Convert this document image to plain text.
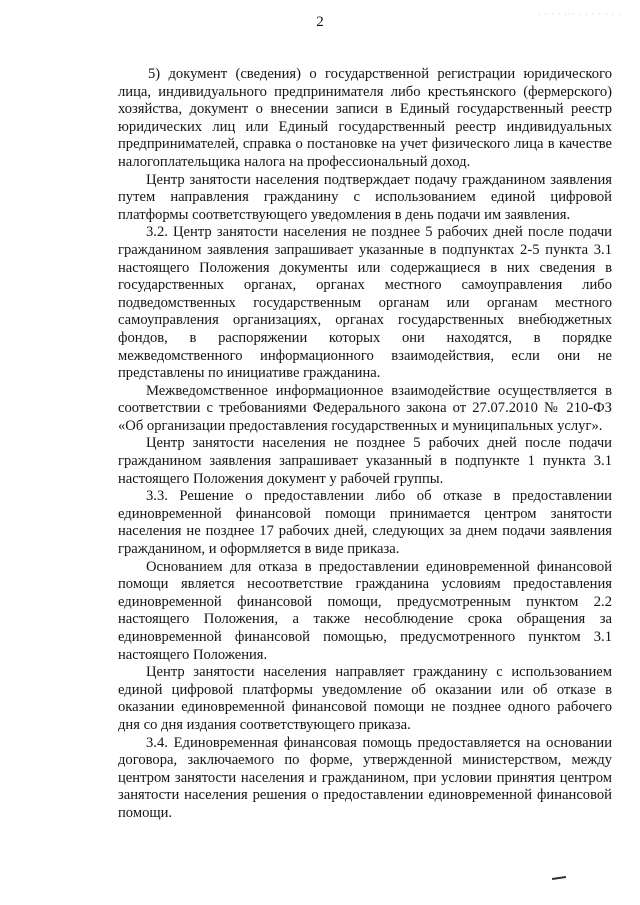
· · · · ··· · · · · · · ·
2

5) документ (сведения) о государственной регистрации юридического лица, индивидуального предпринимателя либо крестьянского (фермерского) хозяйства, документ о внесении записи в Единый государственный реестр юридических лиц или Единый государственный реестр индивидуальных предпринимателей, справка о постановке на учет физического лица в качестве налогоплательщика налога на профессиональный доход.

Центр занятости населения подтверждает подачу гражданином заявления путем направления гражданину с использованием единой цифровой платформы соответствующего уведомления в день подачи им заявления.

3.2. Центр занятости населения не позднее 5 рабочих дней после подачи гражданином заявления запрашивает указанные в подпунктах 2-5 пункта 3.1 настоящего Положения документы или содержащиеся в них сведения в государственных органах, органах местного самоуправления либо подведомственных государственным органам или органам местного самоуправления организациях, органах государственных внебюджетных фондов, в распоряжении которых они находятся, в порядке межведомственного информационного взаимодействия, если они не представлены по инициативе гражданина.

Межведомственное информационное взаимодействие осуществляется в соответствии с требованиями Федерального закона от 27.07.2010 № 210-ФЗ «Об организации предоставления государственных и муниципальных услуг».

Центр занятости населения не позднее 5 рабочих дней после подачи гражданином заявления запрашивает указанный в подпункте 1 пункта 3.1 настоящего Положения документ у рабочей группы.

3.3. Решение о предоставлении либо об отказе в предоставлении единовременной финансовой помощи принимается центром занятости населения не позднее 17 рабочих дней, следующих за днем подачи заявления гражданином, и оформляется в виде приказа.

Основанием для отказа в предоставлении единовременной финансовой помощи является несоответствие гражданина условиям предоставления единовременной финансовой помощи, предусмотренным пунктом 2.2 настоящего Положения, а также несоблюдение срока обращения за единовременной финансовой помощью, предусмотренного пунктом 3.1 настоящего Положения.

Центр занятости населения направляет гражданину с использованием единой цифровой платформы уведомление об оказании или об отказе в оказании единовременной финансовой помощи не позднее одного рабочего дня со дня издания соответствующего приказа.

3.4. Единовременная финансовая помощь предоставляется на основании договора, заключаемого по форме, утвержденной министерством, между центром занятости населения и гражданином, при условии принятия центром занятости населения решения о предоставлении единовременной финансовой помощи.
